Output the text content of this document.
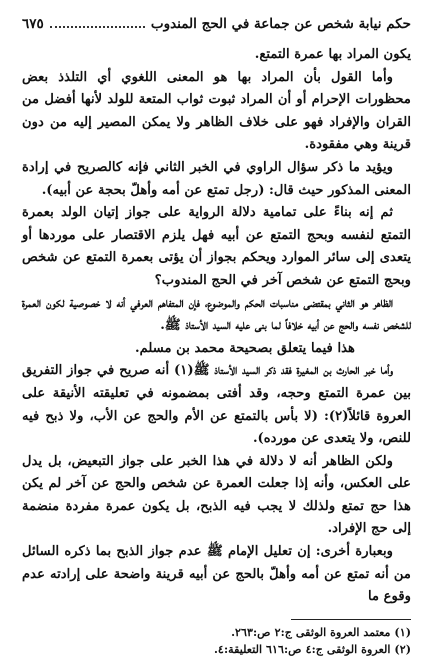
حكم نيابة شخص عن جماعة في الحج المندوب
٦٧٥

يكون المراد بها عمرة التمتع.

وأما القول بأن المراد بها هو المعنى اللغوي أي التلذذ بعض محظورات الإحرام أو أن المراد ثبوت ثواب المتعة للولد لأنها أفضل من القران والإفراد فهو على خلاف الظاهر ولا يمكن المصير إليه من دون قرينة وهي مفقودة.

ويؤيد ما ذكر سؤال الراوي في الخبر الثاني فإنه كالصريح في إرادة المعنى المذكور حيث قال: (رجل تمتع عن أمه وأهلّ بحجة عن أبيه).

ثم إنه بناءً على تمامية دلالة الرواية على جواز إتيان الولد بعمرة التمتع لنفسه وبحج التمتع عن أبيه فهل يلزم الاقتصار على موردها أو يتعدى إلى سائر الموارد ويحكم بجواز أن يؤتى بعمرة التمتع عن شخص وبحج التمتع عن شخص آخر في الحج المندوب؟

الظاهر هو الثاني بمقتضى مناسبات الحكم والموضوع، فإن المتفاهم العرفي أنه لا خصوصية لكون العمرة للشخص نفسه والحج عن أبيه خلافاً لما بنى عليه السيد الأستاذ ﷺ.

هذا فيما يتعلق بصحيحة محمد بن مسلم.

وأما خبر الحارث بن المغيرة فقد ذكر السيد الأستاذ ﷺ(١) أنه صريح في جواز التفريق بين عمرة التمتع وحجه، وقد أفتى بمضمونه في تعليقته الأنيقة على العروة قائلاً(٢): (لا بأس بالتمتع عن الأم والحج عن الأب، ولا ذبح فيه للنص، ولا يتعدى عن مورده).

ولكن الظاهر أنه لا دلالة في هذا الخبر على جواز التبعيض، بل يدل على العكس، وأنه إذا جعلت العمرة عن شخص والحج عن آخر لم يكن هذا حج تمتع ولذلك لا يجب فيه الذبح، بل يكون عمرة مفردة منضمة إلى حج الإفراد.

وبعبارة أخرى: إن تعليل الإمام ﷺ عدم جواز الذبح بما ذكره السائل من أنه تمتع عن أمه وأهلّ بالحج عن أبيه قرينة واضحة على إرادته عدم وقوع ما

(١) معتمد العروة الوثقى ج:٢ ص:٢٦٣.

(٢) العروة الوثقى ج:٤ ص:٦١٦ التعليقة:٤.
